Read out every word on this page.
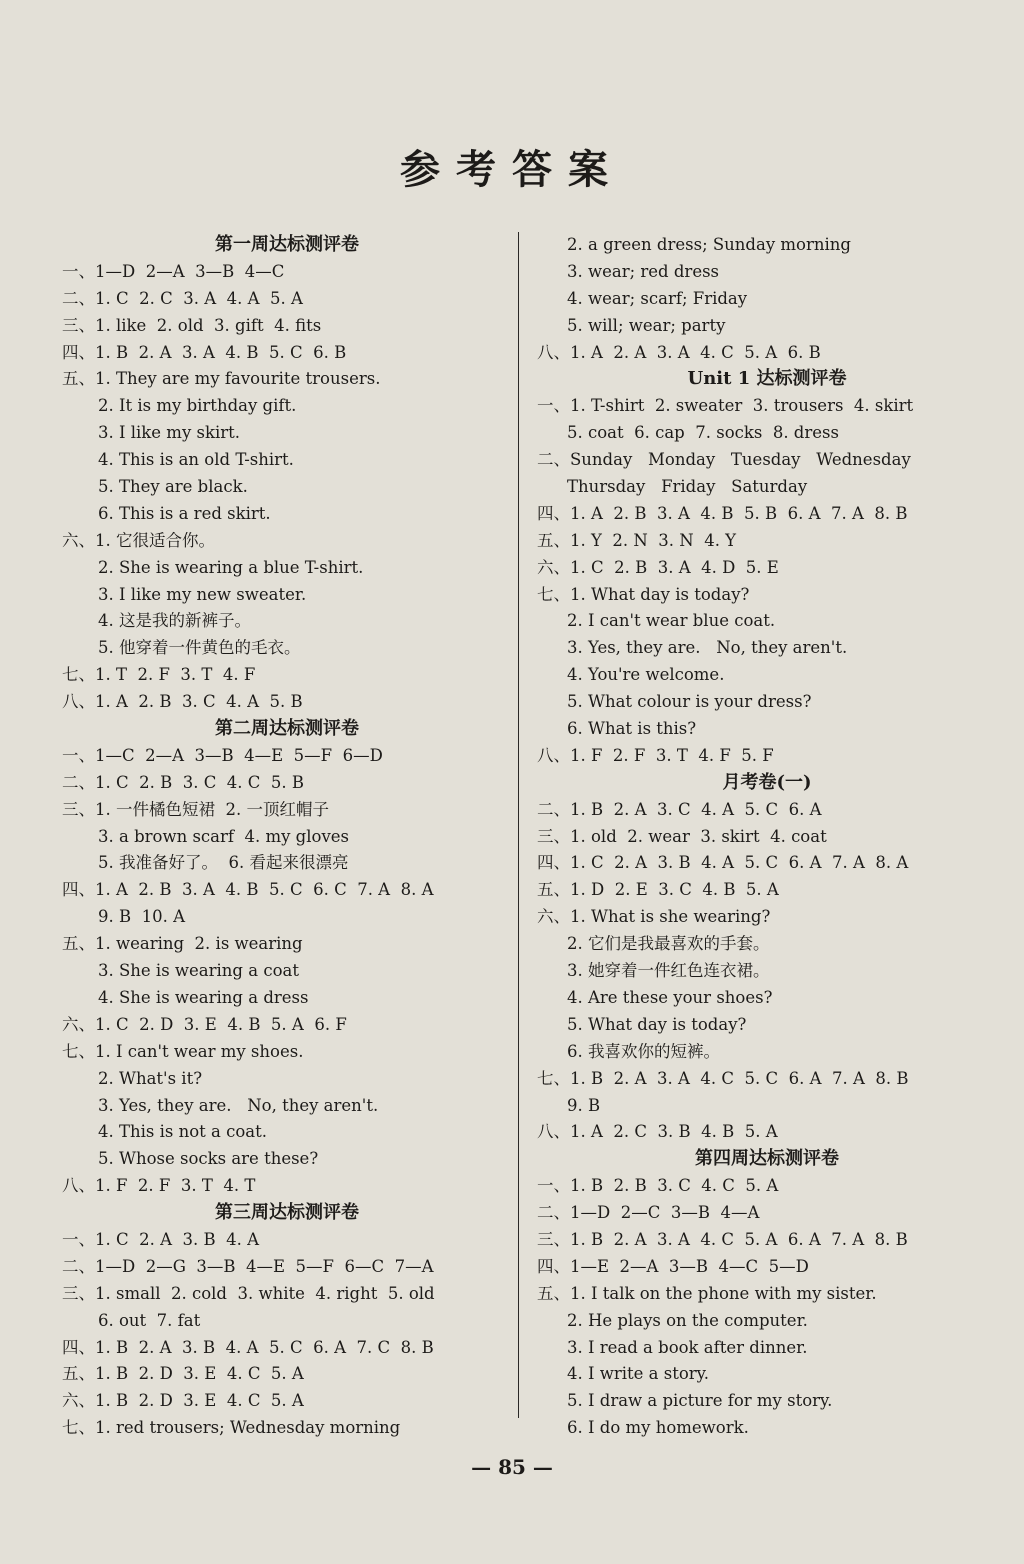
参考答案
第一周达标测评卷
一、1—D  2—A  3—B  4—C
二、1. C  2. C  3. A  4. A  5. A
三、1. like  2. old  3. gift  4. fits
四、1. B  2. A  3. A  4. B  5. C  6. B
五、1. They are my favourite trousers.
2. It is my birthday gift.
3. I like my skirt.
4. This is an old T-shirt.
5. They are black.
6. This is a red skirt.
六、1. 它很适合你。
2. She is wearing a blue T-shirt.
3. I like my new sweater.
4. 这是我的新裤子。
5. 他穿着一件黄色的毛衣。
七、1. T  2. F  3. T  4. F
八、1. A  2. B  3. C  4. A  5. B
第二周达标测评卷
一、1—C  2—A  3—B  4—E  5—F  6—D
二、1. C  2. B  3. C  4. C  5. B
三、1. 一件橘色短裙  2. 一顶红帽子
3. a brown scarf  4. my gloves
5. 我准备好了。  6. 看起来很漂亮
四、1. A  2. B  3. A  4. B  5. C  6. C  7. A  8. A
9. B  10. A
五、1. wearing  2. is wearing
3. She is wearing a coat
4. She is wearing a dress
六、1. C  2. D  3. E  4. B  5. A  6. F
七、1. I can't wear my shoes.
2. What's it?
3. Yes, they are.   No, they aren't.
4. This is not a coat.
5. Whose socks are these?
八、1. F  2. F  3. T  4. T
第三周达标测评卷
一、1. C  2. A  3. B  4. A
二、1—D  2—G  3—B  4—E  5—F  6—C  7—A
三、1. small  2. cold  3. white  4. right  5. old
6. out  7. fat
四、1. B  2. A  3. B  4. A  5. C  6. A  7. C  8. B
五、1. B  2. D  3. E  4. C  5. A
六、1. B  2. D  3. E  4. C  5. A
七、1. red trousers; Wednesday morning
2. a green dress; Sunday morning
3. wear; red dress
4. wear; scarf; Friday
5. will; wear; party
八、1. A  2. A  3. A  4. C  5. A  6. B
Unit 1 达标测评卷
一、1. T-shirt  2. sweater  3. trousers  4. skirt
5. coat  6. cap  7. socks  8. dress
二、Sunday   Monday   Tuesday   Wednesday
Thursday   Friday   Saturday
四、1. A  2. B  3. A  4. B  5. B  6. A  7. A  8. B
五、1. Y  2. N  3. N  4. Y
六、1. C  2. B  3. A  4. D  5. E
七、1. What day is today?
2. I can't wear blue coat.
3. Yes, they are.   No, they aren't.
4. You're welcome.
5. What colour is your dress?
6. What is this?
八、1. F  2. F  3. T  4. F  5. F
月考卷(一)
二、1. B  2. A  3. C  4. A  5. C  6. A
三、1. old  2. wear  3. skirt  4. coat
四、1. C  2. A  3. B  4. A  5. C  6. A  7. A  8. A
五、1. D  2. E  3. C  4. B  5. A
六、1. What is she wearing?
2. 它们是我最喜欢的手套。
3. 她穿着一件红色连衣裙。
4. Are these your shoes?
5. What day is today?
6. 我喜欢你的短裤。
七、1. B  2. A  3. A  4. C  5. C  6. A  7. A  8. B
9. B
八、1. A  2. C  3. B  4. B  5. A
第四周达标测评卷
一、1. B  2. B  3. C  4. C  5. A
二、1—D  2—C  3—B  4—A
三、1. B  2. A  3. A  4. C  5. A  6. A  7. A  8. B
四、1—E  2—A  3—B  4—C  5—D
五、1. I talk on the phone with my sister.
2. He plays on the computer.
3. I read a book after dinner.
4. I write a story.
5. I draw a picture for my story.
6. I do my homework.
— 85 —
